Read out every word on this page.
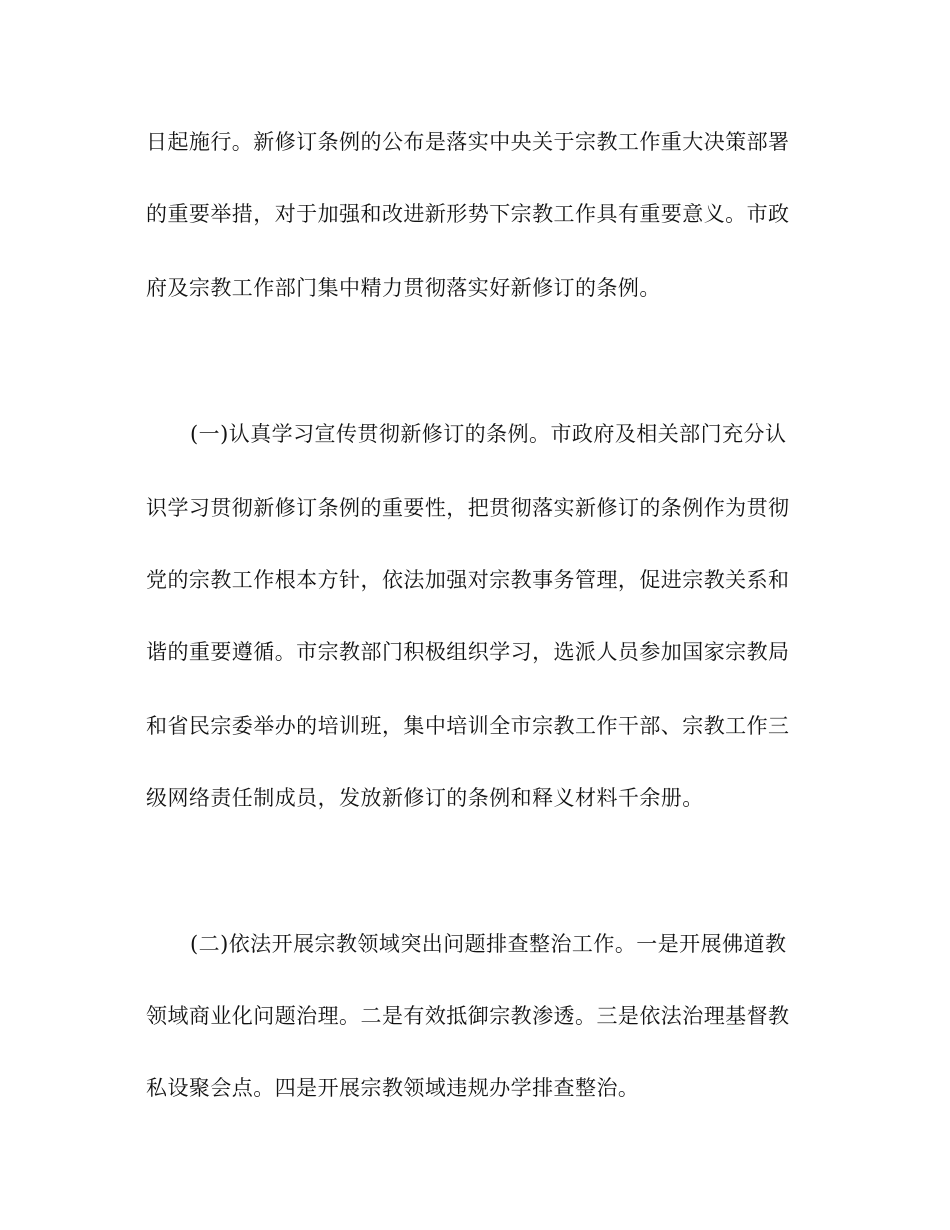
日起施行。新修订条例的公布是落实中央关于宗教工作重大决策部署
的重要举措，对于加强和改进新形势下宗教工作具有重要意义。市政
府及宗教工作部门集中精力贯彻落实好新修订的条例。
(一)认真学习宣传贯彻新修订的条例。市政府及相关部门充分认
识学习贯彻新修订条例的重要性，把贯彻落实新修订的条例作为贯彻
党的宗教工作根本方针，依法加强对宗教事务管理，促进宗教关系和
谐的重要遵循。市宗教部门积极组织学习，选派人员参加国家宗教局
和省民宗委举办的培训班，集中培训全市宗教工作干部、宗教工作三
级网络责任制成员，发放新修订的条例和释义材料千余册。
(二)依法开展宗教领域突出问题排查整治工作。一是开展佛道教
领域商业化问题治理。二是有效抵御宗教渗透。三是依法治理基督教
私设聚会点。四是开展宗教领域违规办学排查整治。
